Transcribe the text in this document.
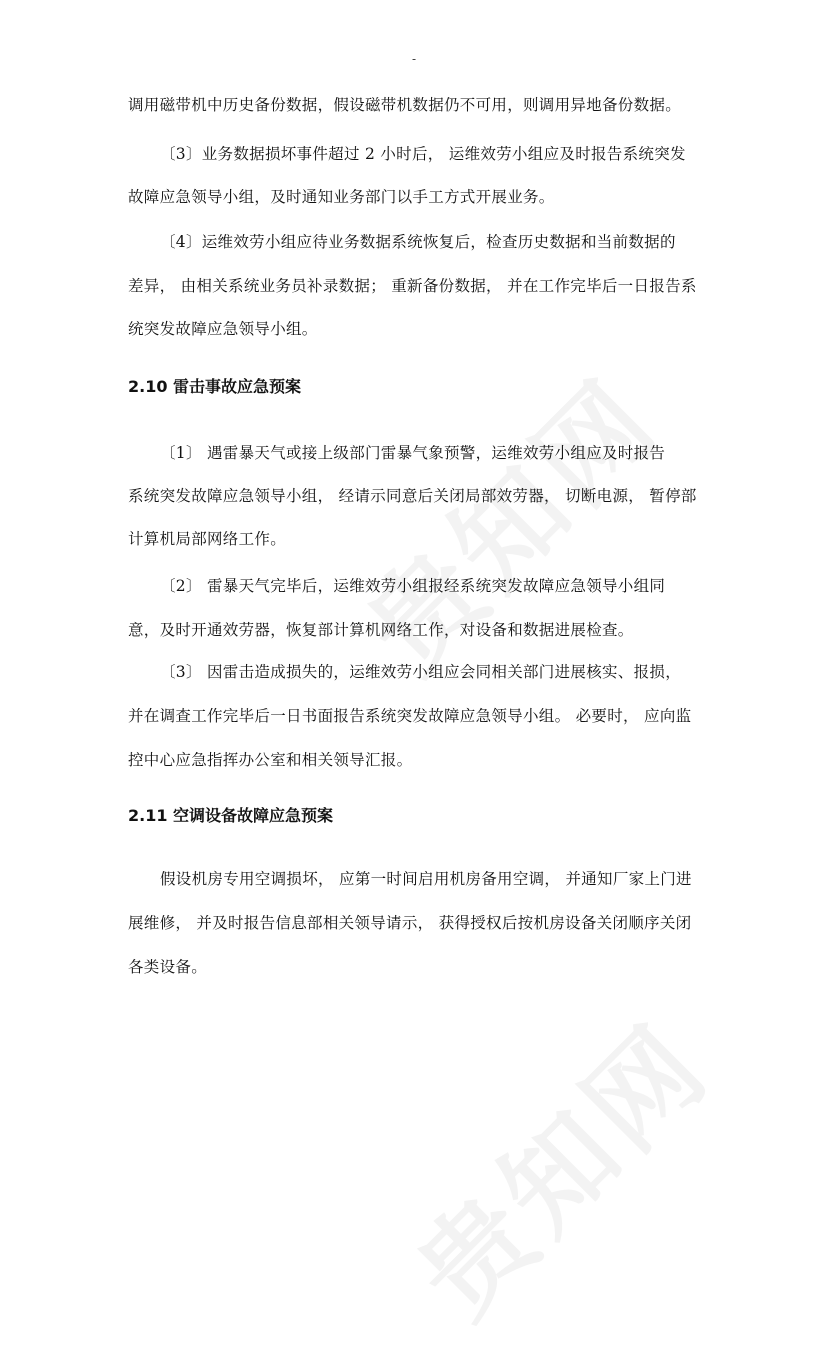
-
调用磁带机中历史备份数据，假设磁带机数据仍不可用，则调用异地备份数据。
〔3〕业务数据损坏事件超过 2 小时后， 运维效劳小组应及时报告系统突发
故障应急领导小组，及时通知业务部门以手工方式开展业务。
〔4〕运维效劳小组应待业务数据系统恢复后，检查历史数据和当前数据的
差异， 由相关系统业务员补录数据； 重新备份数据， 并在工作完毕后一日报告系
统突发故障应急领导小组。
2.10 雷击事故应急预案
〔1〕 遇雷暴天气或接上级部门雷暴气象预警，运维效劳小组应及时报告
系统突发故障应急领导小组， 经请示同意后关闭局部效劳器， 切断电源， 暂停部
计算机局部网络工作。
〔2〕 雷暴天气完毕后，运维效劳小组报经系统突发故障应急领导小组同
意，及时开通效劳器，恢复部计算机网络工作，对设备和数据进展检查。
〔3〕 因雷击造成损失的，运维效劳小组应会同相关部门进展核实、报损，
并在调查工作完毕后一日书面报告系统突发故障应急领导小组。 必要时， 应向监
控中心应急指挥办公室和相关领导汇报。
2.11 空调设备故障应急预案
假设机房专用空调损坏， 应第一时间启用机房备用空调， 并通知厂家上门进
展维修， 并及时报告信息部相关领导请示， 获得授权后按机房设备关闭顺序关闭
各类设备。
